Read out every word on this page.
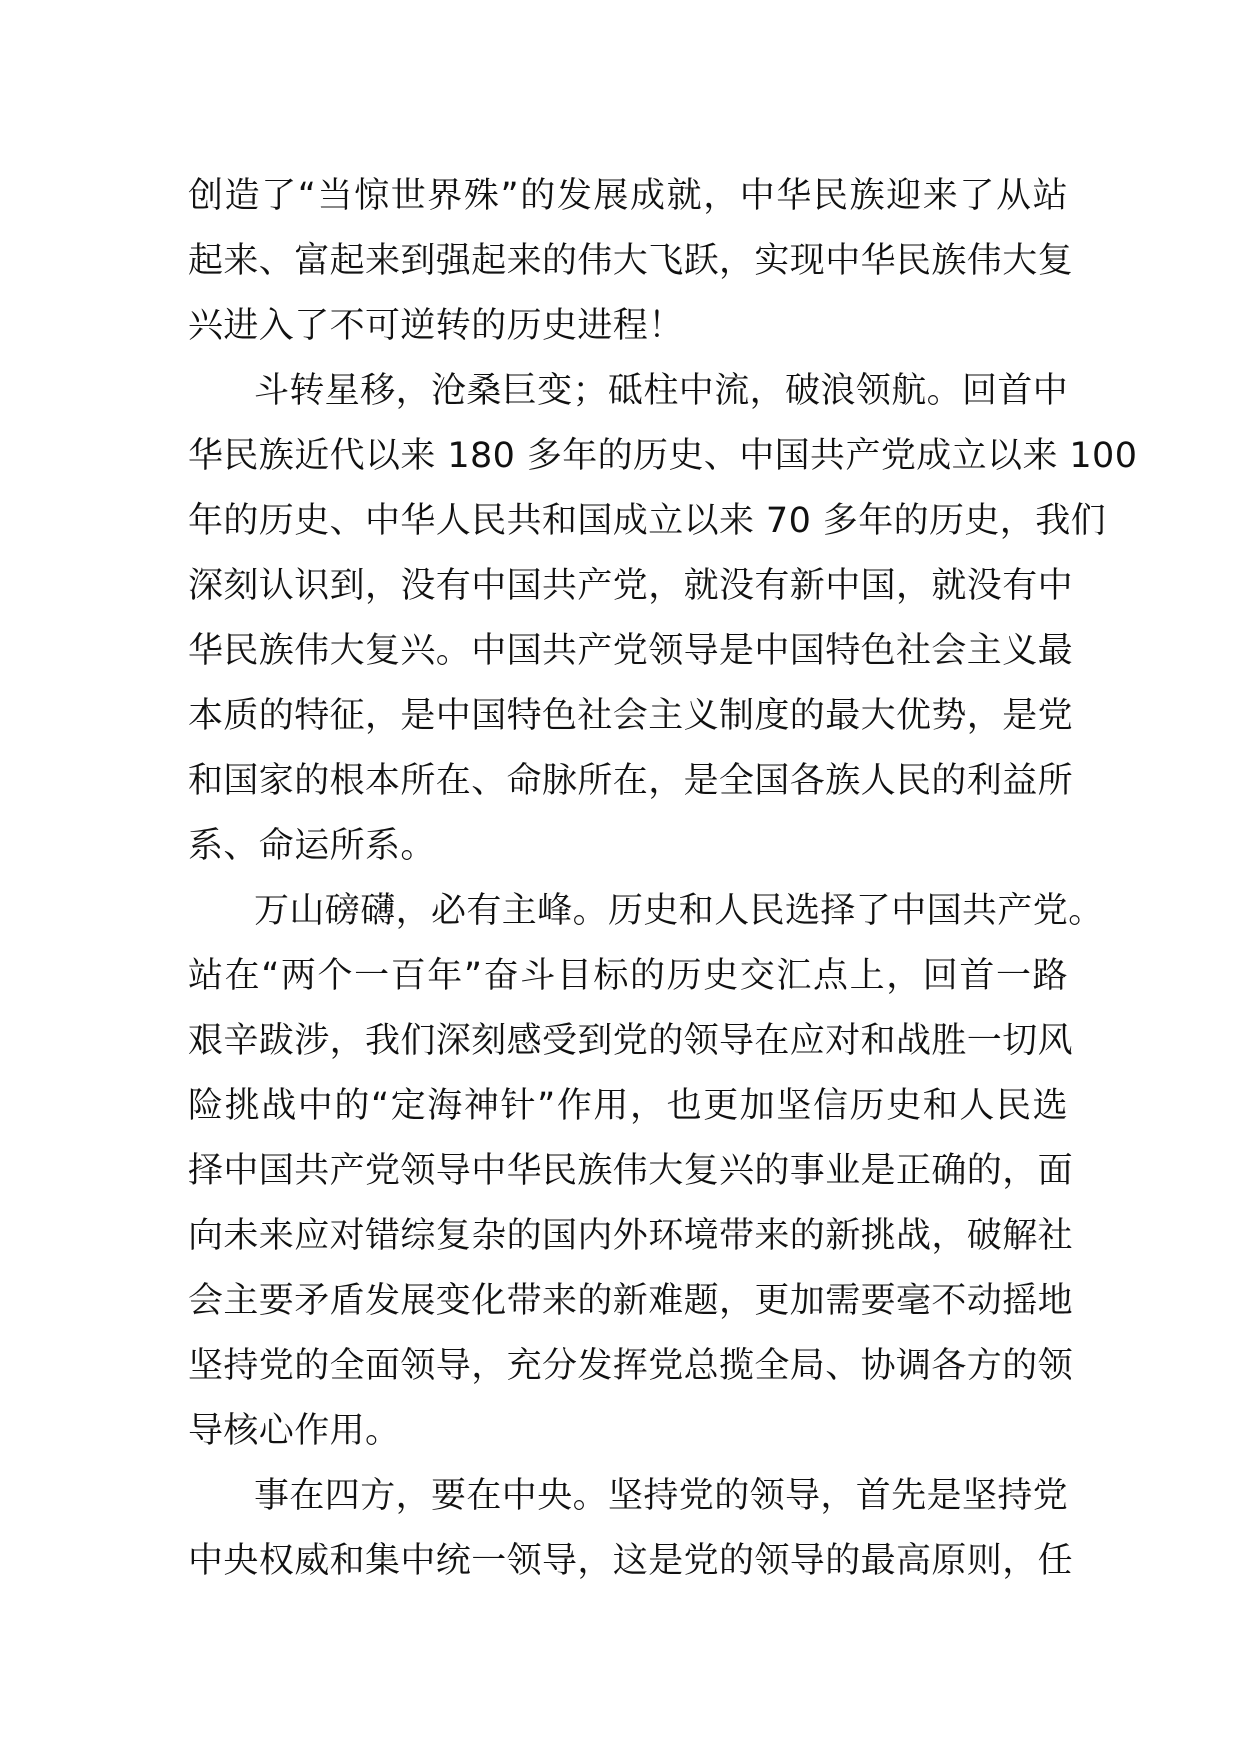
创造了“当惊世界殊”的发展成就，中华民族迎来了从站
起来、富起来到强起来的伟大飞跃，实现中华民族伟大复
兴进入了不可逆转的历史进程！
斗转星移，沧桑巨变；砥柱中流，破浪领航。回首中
华民族近代以来 180 多年的历史、中国共产党成立以来 100
年的历史、中华人民共和国成立以来 70 多年的历史，我们
深刻认识到，没有中国共产党，就没有新中国，就没有中
华民族伟大复兴。中国共产党领导是中国特色社会主义最
本质的特征，是中国特色社会主义制度的最大优势，是党
和国家的根本所在、命脉所在，是全国各族人民的利益所
系、命运所系。
万山磅礴，必有主峰。历史和人民选择了中国共产党。
站在“两个一百年”奋斗目标的历史交汇点上，回首一路
艰辛跋涉，我们深刻感受到党的领导在应对和战胜一切风
险挑战中的“定海神针”作用，也更加坚信历史和人民选
择中国共产党领导中华民族伟大复兴的事业是正确的，面
向未来应对错综复杂的国内外环境带来的新挑战，破解社
会主要矛盾发展变化带来的新难题，更加需要毫不动摇地
坚持党的全面领导，充分发挥党总揽全局、协调各方的领
导核心作用。
事在四方，要在中央。坚持党的领导，首先是坚持党
中央权威和集中统一领导，这是党的领导的最高原则，任
